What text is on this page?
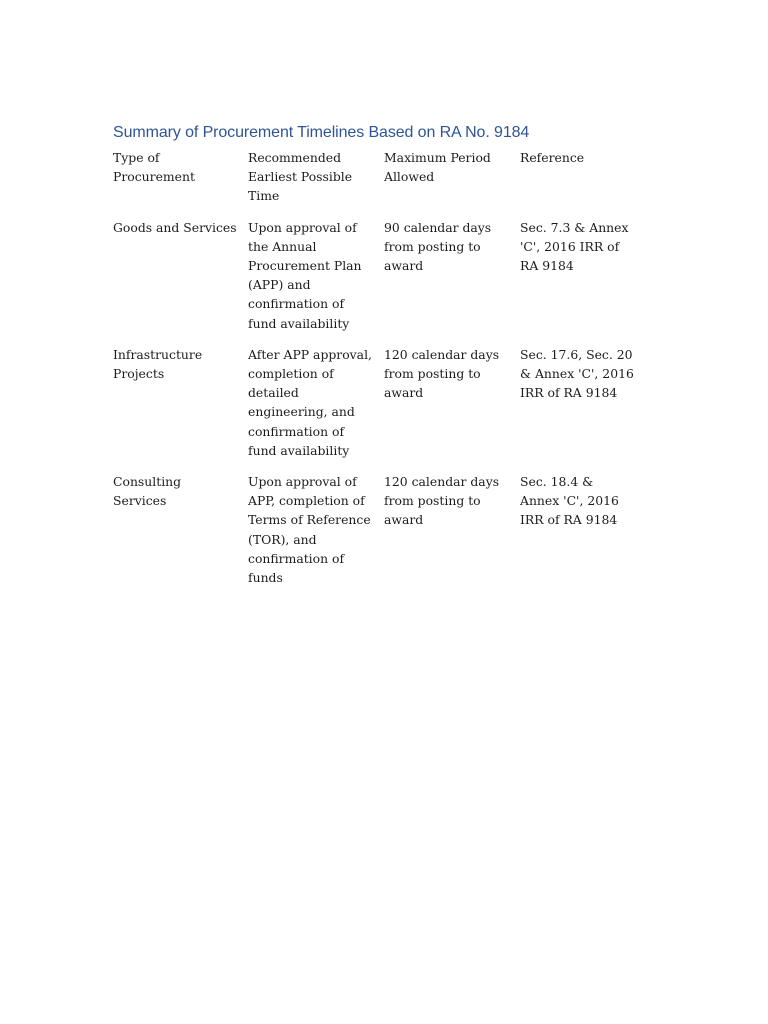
Summary of Procurement Timelines Based on RA No. 9184
Type of Procurement	Recommended Earliest Possible Time	Maximum Period Allowed	Reference
Goods and Services	Upon approval of the Annual Procurement Plan (APP) and confirmation of fund availability	90 calendar days from posting to award	Sec. 7.3 & Annex 'C', 2016 IRR of RA 9184
Infrastructure Projects	After APP approval, completion of detailed engineering, and confirmation of fund availability	120 calendar days from posting to award	Sec. 17.6, Sec. 20 & Annex 'C', 2016 IRR of RA 9184
Consulting Services	Upon approval of APP, completion of Terms of Reference (TOR), and confirmation of funds	120 calendar days from posting to award	Sec. 18.4 & Annex 'C', 2016 IRR of RA 9184
